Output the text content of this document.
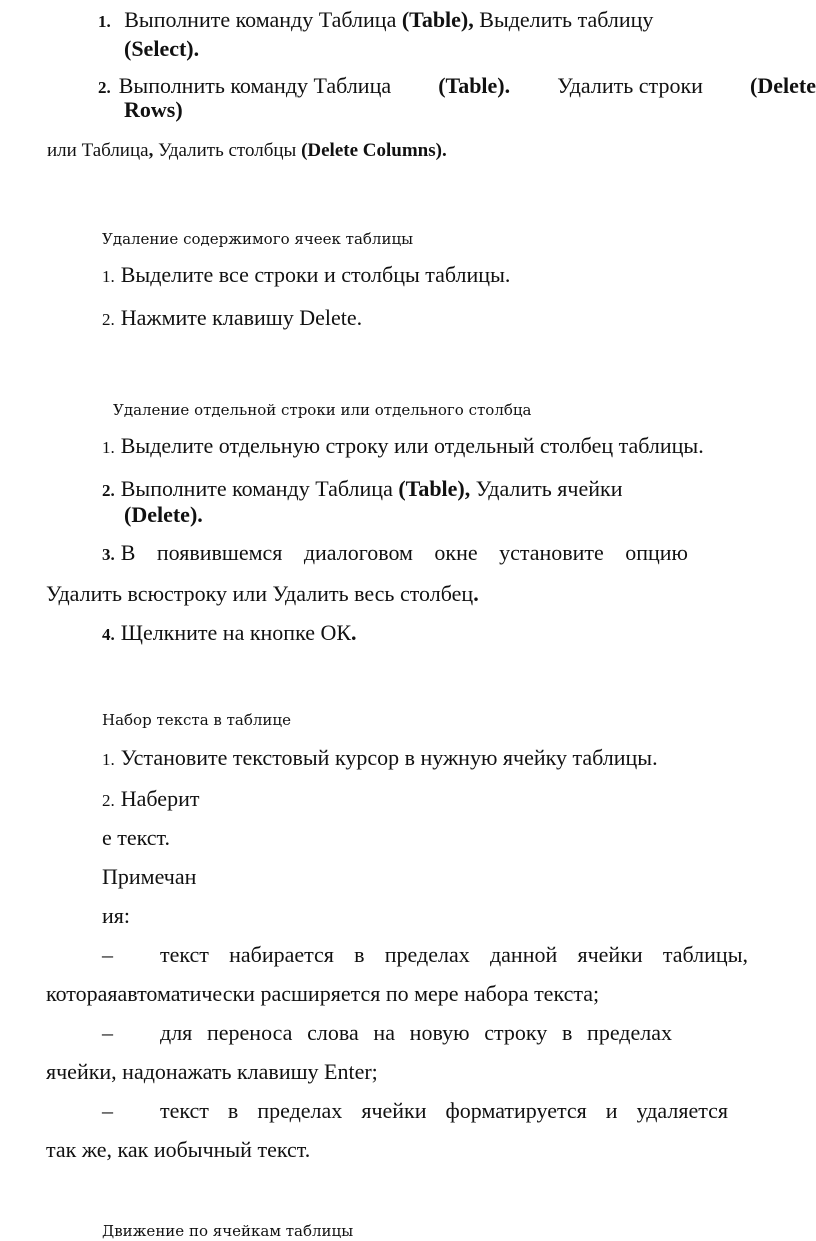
1. Выполните команду Таблица (Table), Выделить таблицу
(Select).
2. Выполнить команду Таблица (Table). Удалить строки (Delete
Rows)
или Таблица, Удалить столбцы (Delete Columns).
Удаление содержимого ячеек таблицы
1. Выделите все строки и столбцы таблицы.
2. Нажмите клавишу Delete.
Удаление отдельной строки или отдельного столбца
1. Выделите отдельную строку или отдельный столбец таблицы.
2. Выполните команду Таблица (Table), Удалить ячейки
(Delete).
3. В появившемся диалоговом окне установите опцию
Удалить всюстроку или Удалить весь столбец.
4. Щелкните на кнопке ОК.
Набор текста в таблице
1. Установите текстовый курсор в нужную ячейку таблицы.
2. Наберит
е текст.
Примечан
ия:
– текст набирается в пределах данной ячейки таблицы,
котораяавтоматически расширяется по мере набора текста;
– для переноса слова на новую строку в пределах
ячейки, надонажать клавишу Enter;
– текст в пределах ячейки форматируется и удаляется
так же, как иобычный текст.
Движение по ячейкам таблицы
